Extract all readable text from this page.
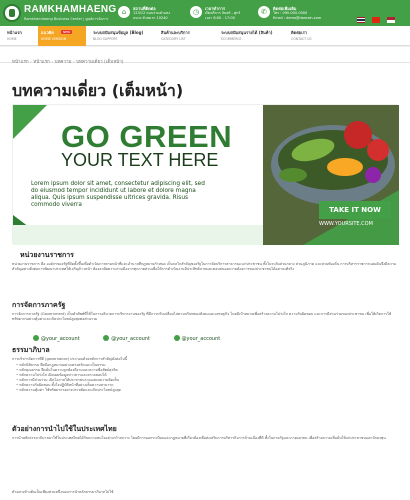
RAMKHAMHAENG
Ramkhamhaeng Business Center | ศูนย์การจัดการ
⌂	สถานที่ติดต่อ
123/12 ถนนรามคำแหง
แขวง หัวหมาก 10240
◷	เวลาทำการ
เปิดบริการ จันทร์ - ศุกร์
เวลา 8:00 - 17:00
✆	ติดต่อเพิ่มเติม
โทร : 090-000-0000
Email : demo@domain.com

หน้าแรก
HOME
แนวคิด
HOME VERSION
NEW	ระบบสนับสนุนข้อมูล (Blog)
BLOG SUPPORT
สินค้าและบริการ
CATEGORY LIST
ระบบสนับสนุนรายได้ (สินค้า)
ECOMMERCE
ติดต่อเรา
CONTACT US
หน้าแรก › หน้าแรก › บทความ › บทความเดี่ยว (เต็มหน้า)
บทความเดี่ยว (เต็มหน้า)
GO GREEN
YOUR TEXT HERE
Lorem ipsum dolor sit amet, consectetur adipiscing elit, sed do eiusmod tempor incididunt ut labore et dolore magna aliqua. Quis ipsum suspendisse ultrices gravida. Risus commodo viverra
TAKE IT NOW
WWW.YOURSITE.COM
@your_account	@your_account	@your_account
หน่วยงานราชการ
หน่วยงานราชการ คือ องค์กรของรัฐที่จัดตั้งขึ้นเพื่อดำเนินการตามหน้าที่และอำนาจที่กฎหมายกำหนด เป็นกลไกสำคัญของรัฐในการจัดบริการสาธารณะแก่ประชาชน ทั้งในระดับส่วนกลาง ส่วนภูมิภาค และส่วนท้องถิ่น การบริหารราชการแผ่นดินจึงมีความสำคัญอย่างยิ่งต่อการพัฒนาประเทศให้เจริญก้าวหน้า ต้องอาศัยความร่วมมือจากทุกภาคส่วนเพื่อให้การดำเนินงานมีประสิทธิภาพและตอบสนองความต้องการของประชาชนได้อย่างแท้จริง
การจัดการภาครัฐ
การจัดการภาครัฐ (Government) เป็นคำศัพท์ที่ใช้ในการอธิบายการบริหารงานของรัฐ ที่มีการปรับเปลี่ยนไปตามบริบทของสังคมและเศรษฐกิจ โดยมีเป้าหมายเพื่อสร้างความโปร่งใส ความรับผิดชอบ และการมีส่วนร่วมของประชาชน เพื่อให้เกิดการใช้ทรัพยากรอย่างคุ้มค่าและเกิดประโยชน์สูงสุดต่อส่วนรวม
ธรรมาภิบาล
การบริหารจัดการที่ดี (governance) ประกอบด้วยหลักการสำคัญดังต่อไปนี้
• หลักนิติธรรม ยึดถือกฎหมายอย่างเคร่งครัดและเป็นธรรม
• หลักคุณธรรม ยึดมั่นในความถูกต้องดีงามและความซื่อสัตย์สุจริต
• หลักความโปร่งใส เปิดเผยข้อมูลข่าวสารและตรวจสอบได้
• หลักการมีส่วนร่วม เปิดโอกาสให้ประชาชนร่วมแสดงความคิดเห็น
• หลักความรับผิดชอบ ตั้งใจปฏิบัติหน้าที่อย่างเต็มความสามารถ
• หลักความคุ้มค่า ใช้ทรัพยากรอย่างประหยัดและเกิดประโยชน์สูงสุด
ตัวอย่างการนำไปใช้ในประเทศไทย
การนำหลักธรรมาภิบาลมาใช้ในประเทศไทยได้รับความสนใจอย่างกว้างขวาง โดยมีการออกระเบียบและกฎหมายที่เกี่ยวข้องเพื่อส่งเสริมการบริหารกิจการบ้านเมืองที่ดี ทั้งในภาครัฐและภาคเอกชน เพื่อสร้างความเชื่อมั่นให้แก่ประชาชนและนักลงทุน
ตัวอย่างข้างต้นเป็นเพียงส่วนหนึ่งของการนำหลักธรรมาภิบาลไปใช้
